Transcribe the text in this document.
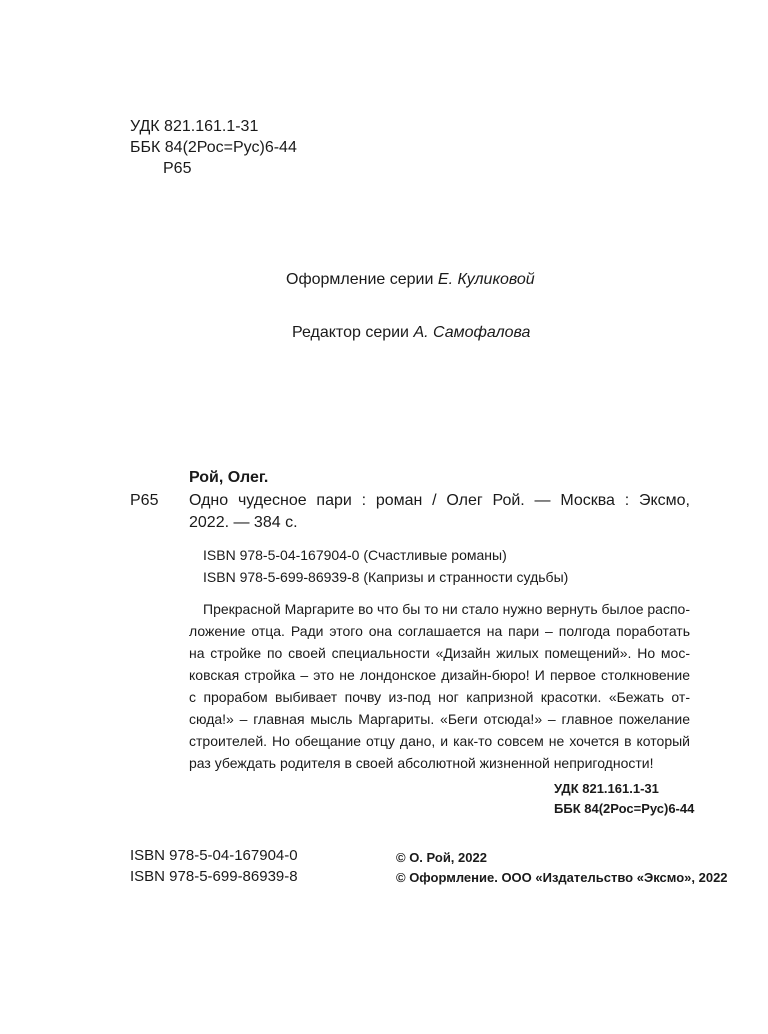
УДК 821.161.1-31
ББК 84(2Рос=Рус)6-44
Р65
Оформление серии Е. Куликовой
Редактор серии А. Самофалова
Рой, Олег.
Р65 Одно чудесное пари : роман / Олег Рой. — Москва : Эксмо,
2022. — 384 с.
ISBN 978-5-04-167904-0 (Счастливые романы)
ISBN 978-5-699-86939-8 (Капризы и странности судьбы)
Прекрасной Маргарите во что бы то ни стало нужно вернуть былое распо-
ложение отца. Ради этого она соглашается на пари – полгода поработать
на стройке по своей специальности «Дизайн жилых помещений». Но мос-
ковская стройка – это не лондонское дизайн-бюро! И первое столкновение
с прорабом выбивает почву из-под ног капризной красотки. «Бежать от-
сюда!» – главная мысль Маргариты. «Беги отсюда!» – главное пожелание
строителей. Но обещание отцу дано, и как-то совсем не хочется в который
раз убеждать родителя в своей абсолютной жизненной непригодности!
УДК 821.161.1-31
ББК 84(2Рос=Рус)6-44
ISBN 978-5-04-167904-0
ISBN 978-5-699-86939-8
© О. Рой, 2022
© Оформление. ООО «Издательство «Эксмо», 2022
